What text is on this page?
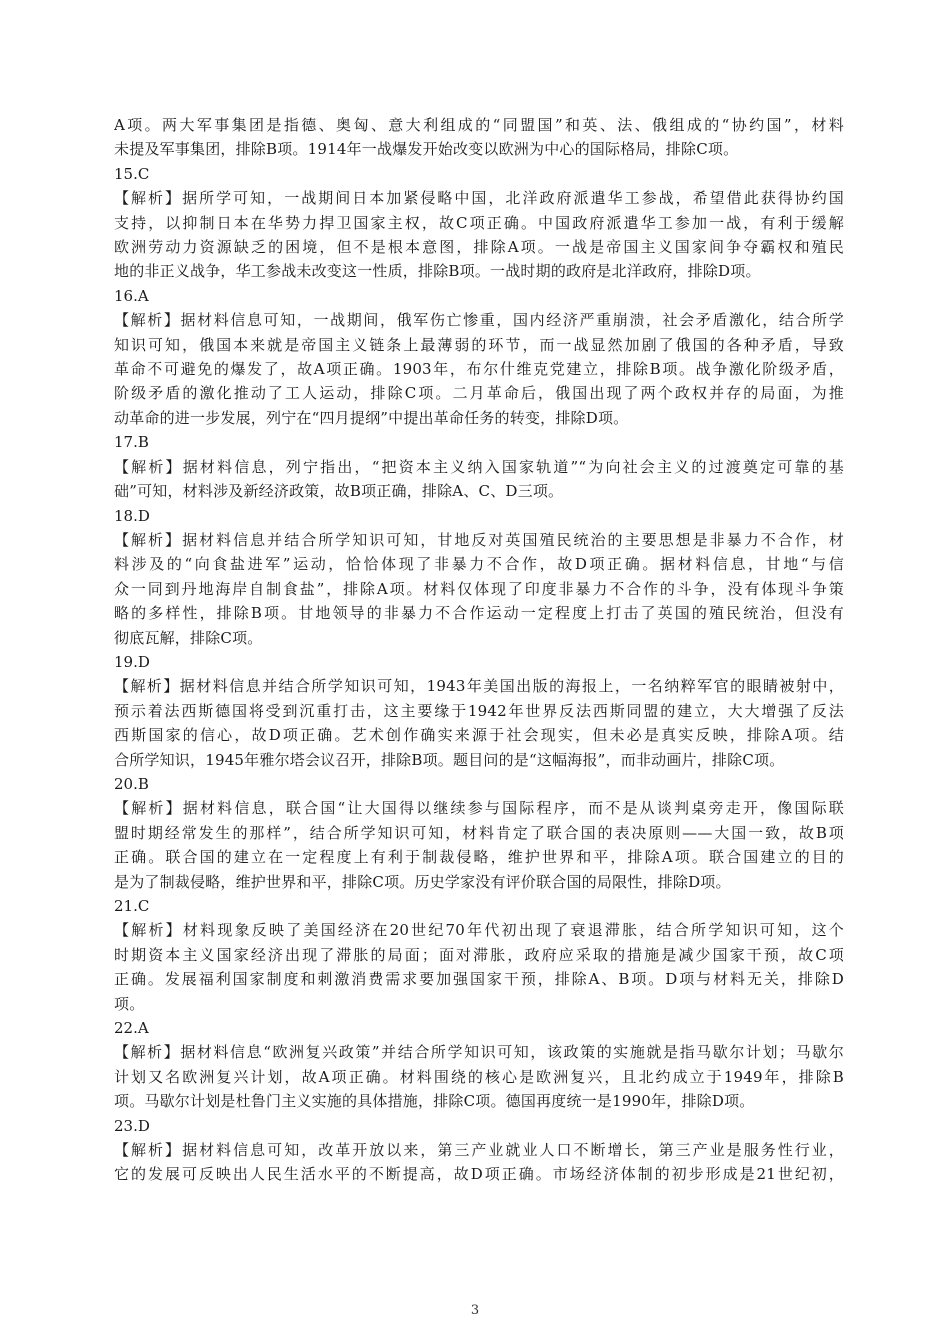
A项。两大军事集团是指德、奥匈、意大利组成的“同盟国”和英、法、俄组成的“协约国”，材料
未提及军事集团，排除B项。1914年一战爆发开始改变以欧洲为中心的国际格局，排除C项。
15.C
【解析】据所学可知，一战期间日本加紧侵略中国，北洋政府派遣华工参战，希望借此获得协约国
支持，以抑制日本在华势力捍卫国家主权，故C项正确。中国政府派遣华工参加一战，有利于缓解
欧洲劳动力资源缺乏的困境，但不是根本意图，排除A项。一战是帝国主义国家间争夺霸权和殖民
地的非正义战争，华工参战未改变这一性质，排除B项。一战时期的政府是北洋政府，排除D项。
16.A
【解析】据材料信息可知，一战期间，俄军伤亡惨重，国内经济严重崩溃，社会矛盾激化，结合所学
知识可知，俄国本来就是帝国主义链条上最薄弱的环节，而一战显然加剧了俄国的各种矛盾，导致
革命不可避免的爆发了，故A项正确。1903年，布尔什维克党建立，排除B项。战争激化阶级矛盾，
阶级矛盾的激化推动了工人运动，排除C项。二月革命后，俄国出现了两个政权并存的局面，为推
动革命的进一步发展，列宁在“四月提纲”中提出革命任务的转变，排除D项。
17.B
【解析】据材料信息，列宁指出，“把资本主义纳入国家轨道”“为向社会主义的过渡奠定可靠的基
础”可知，材料涉及新经济政策，故B项正确，排除A、C、D三项。
18.D
【解析】据材料信息并结合所学知识可知，甘地反对英国殖民统治的主要思想是非暴力不合作，材
料涉及的“向食盐进军”运动，恰恰体现了非暴力不合作，故D项正确。据材料信息，甘地“与信
众一同到丹地海岸自制食盐”，排除A项。材料仅体现了印度非暴力不合作的斗争，没有体现斗争策
略的多样性，排除B项。甘地领导的非暴力不合作运动一定程度上打击了英国的殖民统治，但没有
彻底瓦解，排除C项。
19.D
【解析】据材料信息并结合所学知识可知，1943年美国出版的海报上，一名纳粹军官的眼睛被射中，
预示着法西斯德国将受到沉重打击，这主要缘于1942年世界反法西斯同盟的建立，大大增强了反法
西斯国家的信心，故D项正确。艺术创作确实来源于社会现实，但未必是真实反映，排除A项。结
合所学知识，1945年雅尔塔会议召开，排除B项。题目问的是“这幅海报”，而非动画片，排除C项。
20.B
【解析】据材料信息，联合国“让大国得以继续参与国际程序，而不是从谈判桌旁走开，像国际联
盟时期经常发生的那样”，结合所学知识可知，材料肯定了联合国的表决原则——大国一致，故B项
正确。联合国的建立在一定程度上有利于制裁侵略，维护世界和平，排除A项。联合国建立的目的
是为了制裁侵略，维护世界和平，排除C项。历史学家没有评价联合国的局限性，排除D项。
21.C
【解析】材料现象反映了美国经济在20世纪70年代初出现了衰退滞胀，结合所学知识可知，这个
时期资本主义国家经济出现了滞胀的局面；面对滞胀，政府应采取的措施是减少国家干预，故C项
正确。发展福利国家制度和刺激消费需求要加强国家干预，排除A、B项。D项与材料无关，排除D
项。
22.A
【解析】据材料信息“欧洲复兴政策”并结合所学知识可知，该政策的实施就是指马歇尔计划；马歇尔
计划又名欧洲复兴计划，故A项正确。材料围绕的核心是欧洲复兴，且北约成立于1949年，排除B
项。马歇尔计划是杜鲁门主义实施的具体措施，排除C项。德国再度统一是1990年，排除D项。
23.D
【解析】据材料信息可知，改革开放以来，第三产业就业人口不断增长，第三产业是服务性行业，
它的发展可反映出人民生活水平的不断提高，故D项正确。市场经济体制的初步形成是21世纪初，
3
